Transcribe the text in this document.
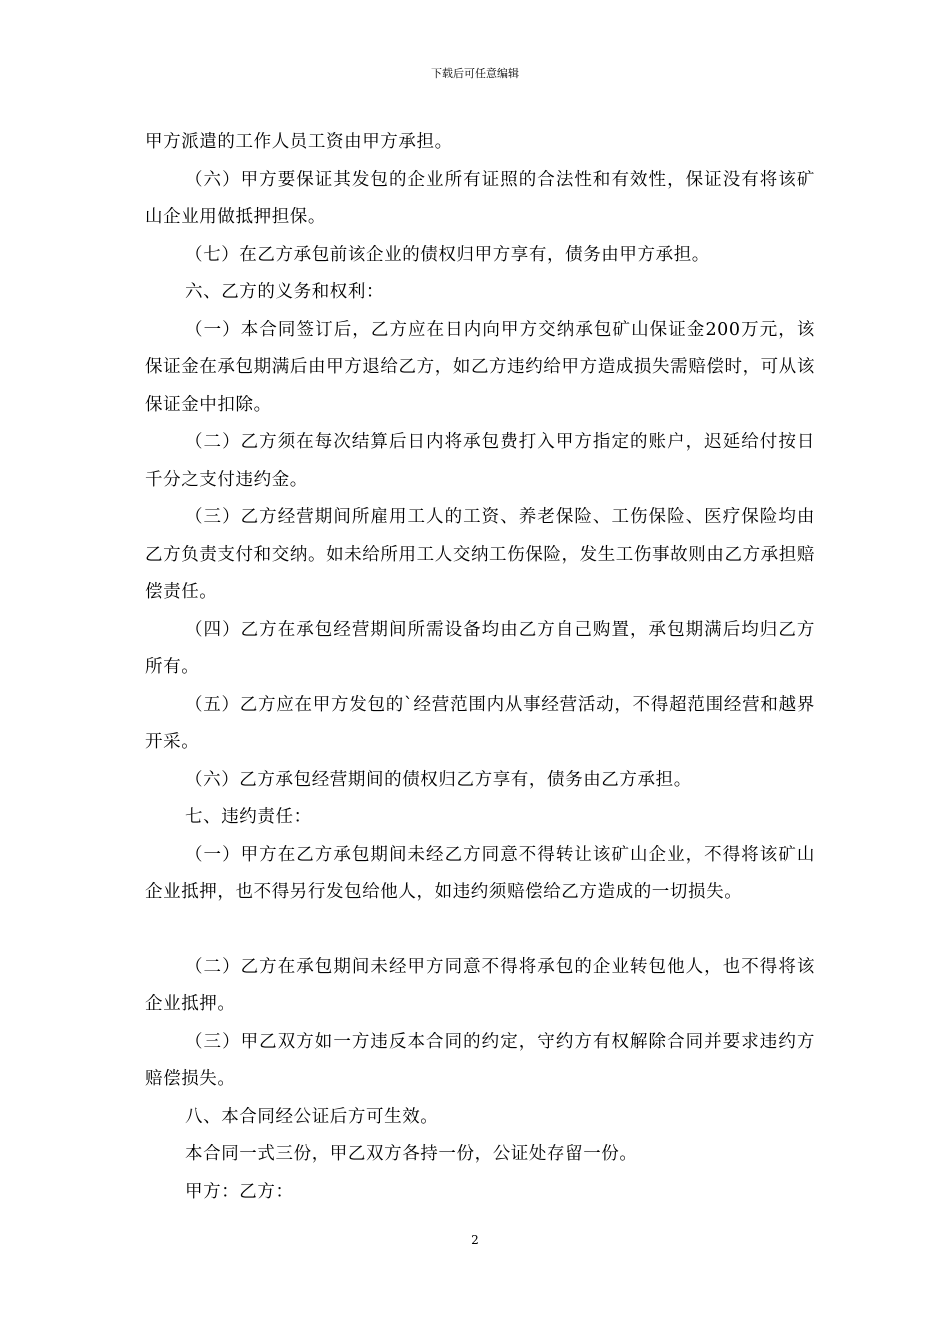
下载后可任意编辑

甲方派遣的工作人员工资由甲方承担。

（六）甲方要保证其发包的企业所有证照的合法性和有效性，保证没有将该矿山企业用做抵押担保。

（七）在乙方承包前该企业的债权归甲方享有，债务由甲方承担。

六、乙方的义务和权利：

（一）本合同签订后，乙方应在日内向甲方交纳承包矿山保证金200万元，该保证金在承包期满后由甲方退给乙方，如乙方违约给甲方造成损失需赔偿时，可从该保证金中扣除。

（二）乙方须在每次结算后日内将承包费打入甲方指定的账户，迟延给付按日千分之支付违约金。

（三）乙方经营期间所雇用工人的工资、养老保险、工伤保险、医疗保险均由乙方负责支付和交纳。如未给所用工人交纳工伤保险，发生工伤事故则由乙方承担赔偿责任。

（四）乙方在承包经营期间所需设备均由乙方自己购置，承包期满后均归乙方所有。

（五）乙方应在甲方发包的`经营范围内从事经营活动，不得超范围经营和越界开采。

（六）乙方承包经营期间的债权归乙方享有，债务由乙方承担。

七、违约责任：

（一）甲方在乙方承包期间未经乙方同意不得转让该矿山企业，不得将该矿山企业抵押，也不得另行发包给他人，如违约须赔偿给乙方造成的一切损失。

（二）乙方在承包期间未经甲方同意不得将承包的企业转包他人，也不得将该企业抵押。

（三）甲乙双方如一方违反本合同的约定，守约方有权解除合同并要求违约方赔偿损失。

八、本合同经公证后方可生效。

本合同一式三份，甲乙双方各持一份，公证处存留一份。

甲方：乙方：

2
